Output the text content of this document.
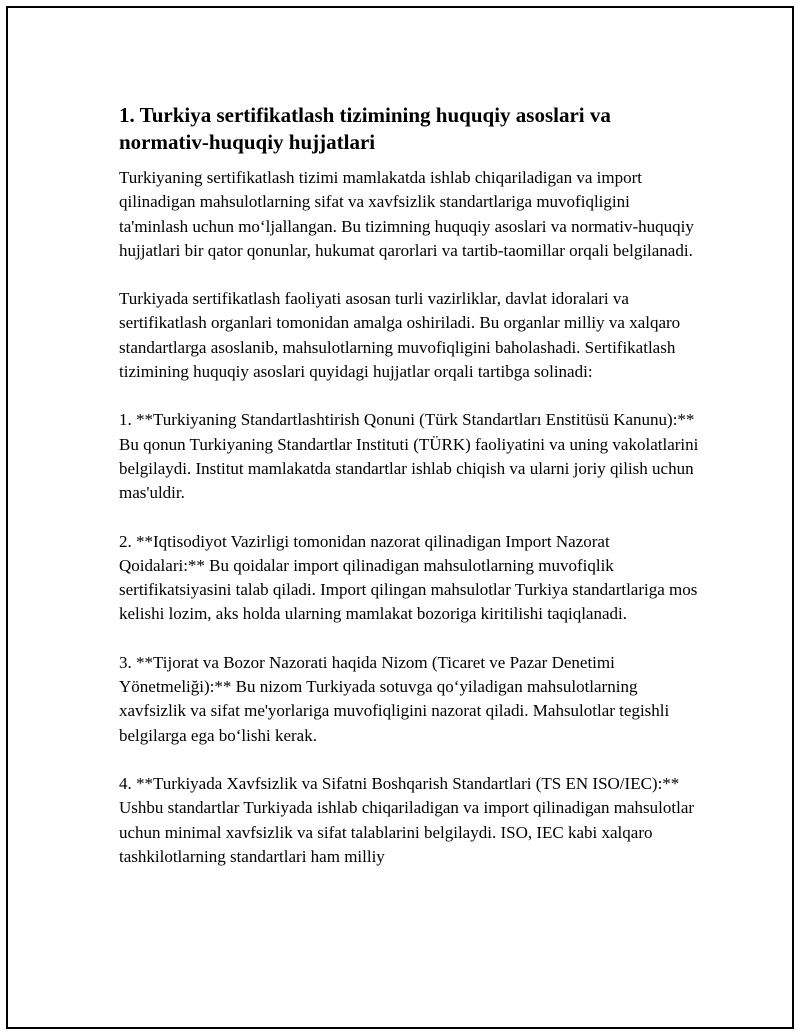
1. Turkiya sertifikatlash tizimining huquqiy asoslari va normativ-huquqiy hujjatlari

Turkiyaning sertifikatlash tizimi mamlakatda ishlab chiqariladigan va import qilinadigan mahsulotlarning sifat va xavfsizlik standartlariga muvofiqligini ta'minlash uchun mo‘ljallangan. Bu tizimning huquqiy asoslari va normativ-huquqiy hujjatlari bir qator qonunlar, hukumat qarorlari va tartib-taomillar orqali belgilanadi.

Turkiyada sertifikatlash faoliyati asosan turli vazirliklar, davlat idoralari va sertifikatlash organlari tomonidan amalga oshiriladi. Bu organlar milliy va xalqaro standartlarga asoslanib, mahsulotlarning muvofiqligini baholashadi. Sertifikatlash tizimining huquqiy asoslari quyidagi hujjatlar orqali tartibga solinadi:

1. **Turkiyaning Standartlashtirish Qonuni (Türk Standartları Enstitüsü Kanunu):** Bu qonun Turkiyaning Standartlar Instituti (TÜRK) faoliyatini va uning vakolatlarini belgilaydi. Institut mamlakatda standartlar ishlab chiqish va ularni joriy qilish uchun mas'uldir.

2. **Iqtisodiyot Vazirligi tomonidan nazorat qilinadigan Import Nazorat Qoidalari:** Bu qoidalar import qilinadigan mahsulotlarning muvofiqlik sertifikatsiyasini talab qiladi. Import qilingan mahsulotlar Turkiya standartlariga mos kelishi lozim, aks holda ularning mamlakat bozoriga kiritilishi taqiqlanadi.

3. **Tijorat va Bozor Nazorati haqida Nizom (Ticaret ve Pazar Denetimi Yönetmeliği):** Bu nizom Turkiyada sotuvga qo‘yiladigan mahsulotlarning xavfsizlik va sifat me'yorlariga muvofiqligini nazorat qiladi. Mahsulotlar tegishli belgilarga ega bo‘lishi kerak.

4. **Turkiyada Xavfsizlik va Sifatni Boshqarish Standartlari (TS EN ISO/IEC):** Ushbu standartlar Turkiyada ishlab chiqariladigan va import qilinadigan mahsulotlar uchun minimal xavfsizlik va sifat talablarini belgilaydi. ISO, IEC kabi xalqaro tashkilotlarning standartlari ham milliy
